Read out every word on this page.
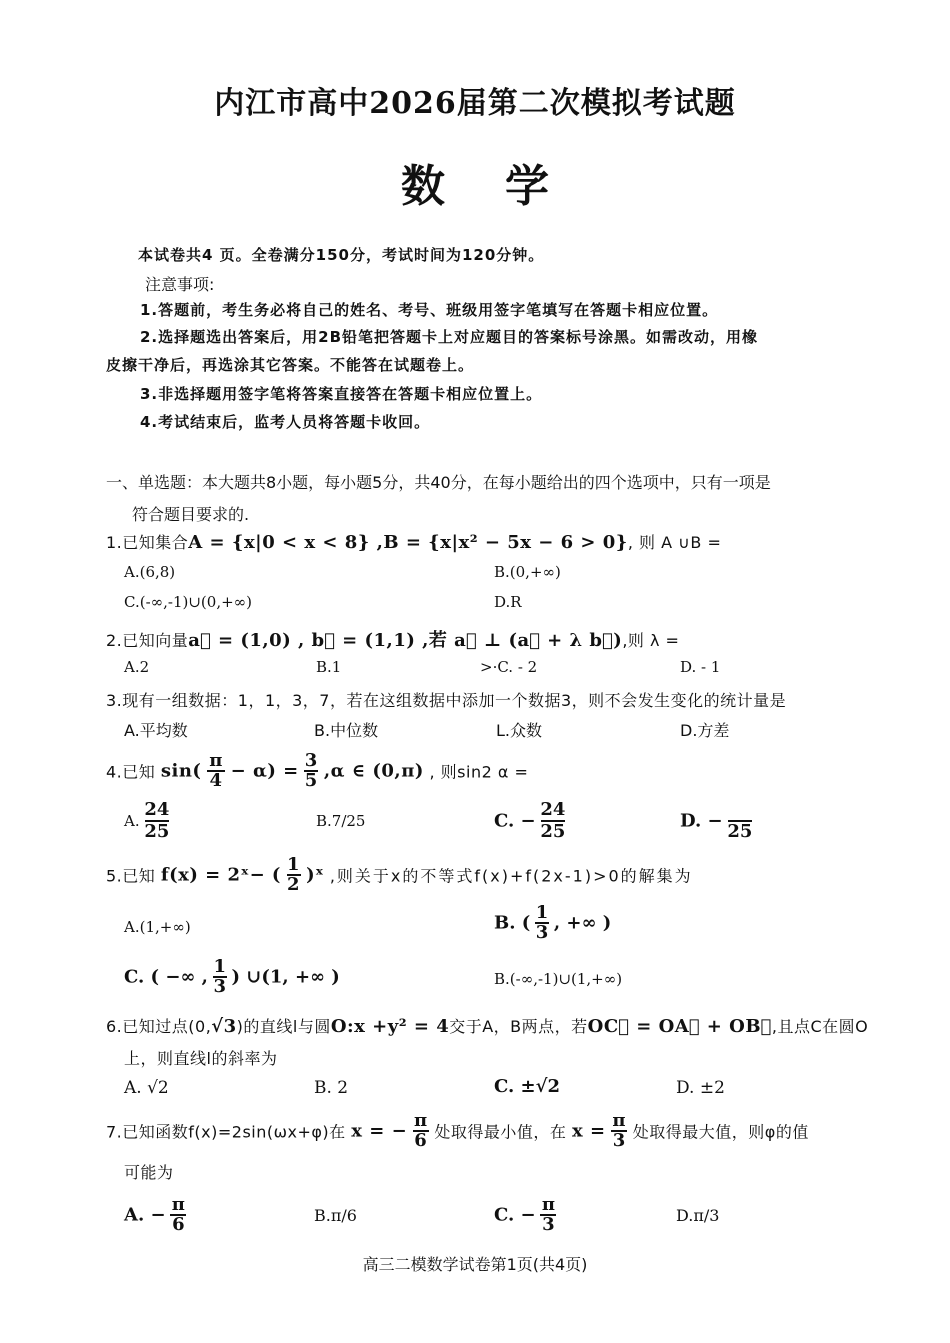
内江市高中2026届第二次模拟考试题
数学
本试卷共4 页。全卷满分150分，考试时间为120分钟。
注意事项:
1.答题前，考生务必将自己的姓名、考号、班级用签字笔填写在答题卡相应位置。
2.选择题选出答案后，用2B铅笔把答题卡上对应题目的答案标号涂黑。如需改动，用橡
皮擦干净后，再选涂其它答案。不能答在试题卷上。
3.非选择题用签字笔将答案直接答在答题卡相应位置上。
4.考试结束后，监考人员将答题卡收回。
一、单选题：本大题共8小题，每小题5分，共40分，在每小题给出的四个选项中，只有一项是
符合题目要求的.
1.已知集合A = {x|0 < x < 8} ,B = {x|x² − 5x − 6 > 0}, 则 A ∪B =
A.(6,8)	B.(0,+∞)
C.(-∞,-1)∪(0,+∞)	D.R
2.已知向量a⃗ = (1,0) , b⃗ = (1,1) ,若 a⃗ ⊥ (a⃗ + λ b⃗),则 λ =
A.2	B.1	>·C. - 2	D. - 1
3.现有一组数据：1，1，3，7，若在这组数据中添加一个数据3，则不会发生变化的统计量是
A.平均数	B.中位数	L.众数	D.方差
4.已知 $\sin( \frac{\pi}{4} - \alpha) = \frac{3}{5} ,\alpha$ ∈ (0,π) , 则sin2 α =
A. $\frac{24}{25}$	B.7/25	C. − $\frac{24}{25}$	D. − 25
5.已知 f(x) = 2ˣ− ( $\frac{1}{2}$ )ˣ ,则关于x的不等式f(x)+f(2x-1)>0的解集为
A.(1,+∞)	B. ( $\frac{1}{3}$ , +∞ )
C. ( −∞ , $\frac{1}{3}$ ) ∪(1, +∞ )	B.(-∞,-1)∪(1,+∞)
6.已知过点(0,√3)的直线l与圆O:x +y² = 4交于A，B两点，若OC⃗ = OA⃗ + OB⃗,且点C在圆O
上，则直线l的斜率为
A. √2	B. 2	C. ±√2	D. ±2
7.已知函数f(x)=2sin(ωx+φ)在 x = − $\frac{\pi}{6}$ 处取得最小值，在 $x = \frac{\pi}{3}$ 处取得最大值，则φ的值
可能为
A. − $\frac{\pi}{6}$	B.π/6	C. − $\frac{\pi}{3}$	D.π/3
高三二模数学试卷第1页(共4页)
